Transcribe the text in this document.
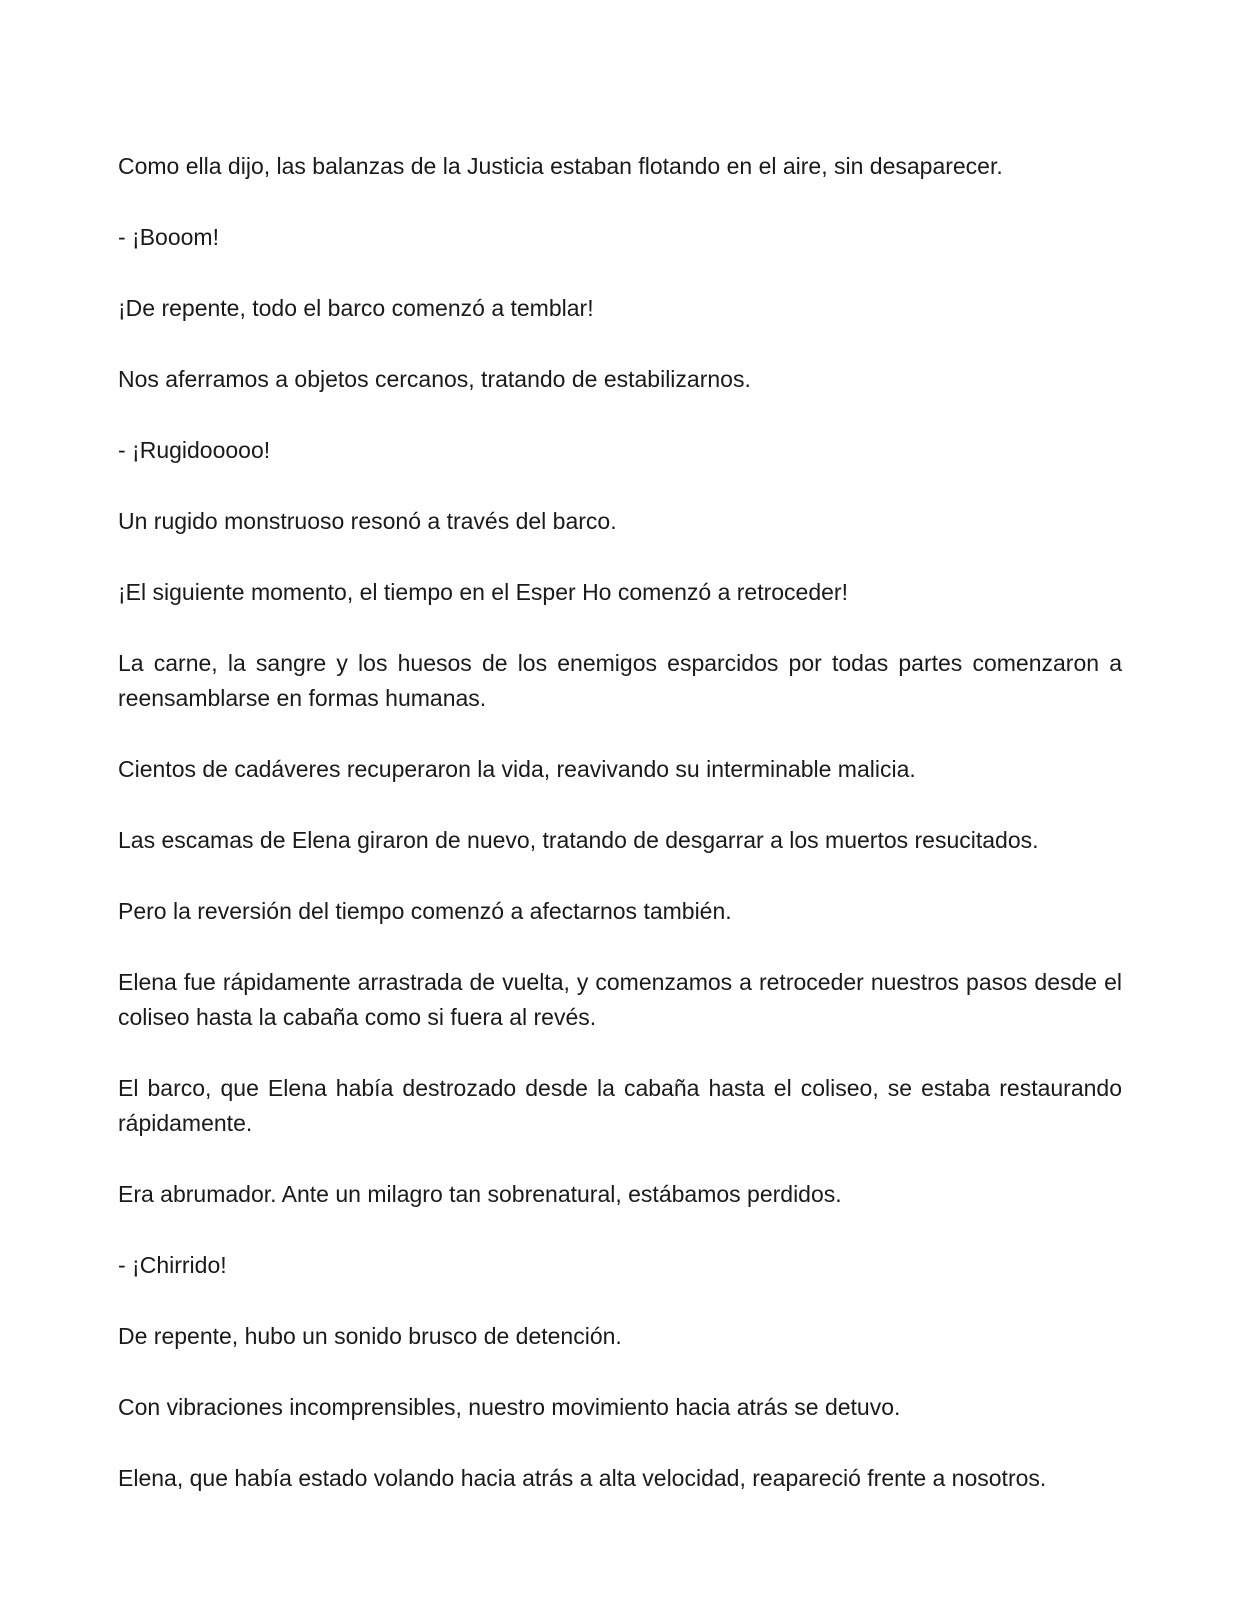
Como ella dijo, las balanzas de la Justicia estaban flotando en el aire, sin desaparecer.

- ¡Booom!

¡De repente, todo el barco comenzó a temblar!

Nos aferramos a objetos cercanos, tratando de estabilizarnos.

- ¡Rugidooooo!

Un rugido monstruoso resonó a través del barco.

¡El siguiente momento, el tiempo en el Esper Ho comenzó a retroceder!

La carne, la sangre y los huesos de los enemigos esparcidos por todas partes comenzaron a reensamblarse en formas humanas.

Cientos de cadáveres recuperaron la vida, reavivando su interminable malicia.

Las escamas de Elena giraron de nuevo, tratando de desgarrar a los muertos resucitados.

Pero la reversión del tiempo comenzó a afectarnos también.

Elena fue rápidamente arrastrada de vuelta, y comenzamos a retroceder nuestros pasos desde el coliseo hasta la cabaña como si fuera al revés.

El barco, que Elena había destrozado desde la cabaña hasta el coliseo, se estaba restaurando rápidamente.

Era abrumador. Ante un milagro tan sobrenatural, estábamos perdidos.

- ¡Chirrido!

De repente, hubo un sonido brusco de detención.

Con vibraciones incomprensibles, nuestro movimiento hacia atrás se detuvo.

Elena, que había estado volando hacia atrás a alta velocidad, reapareció frente a nosotros.
